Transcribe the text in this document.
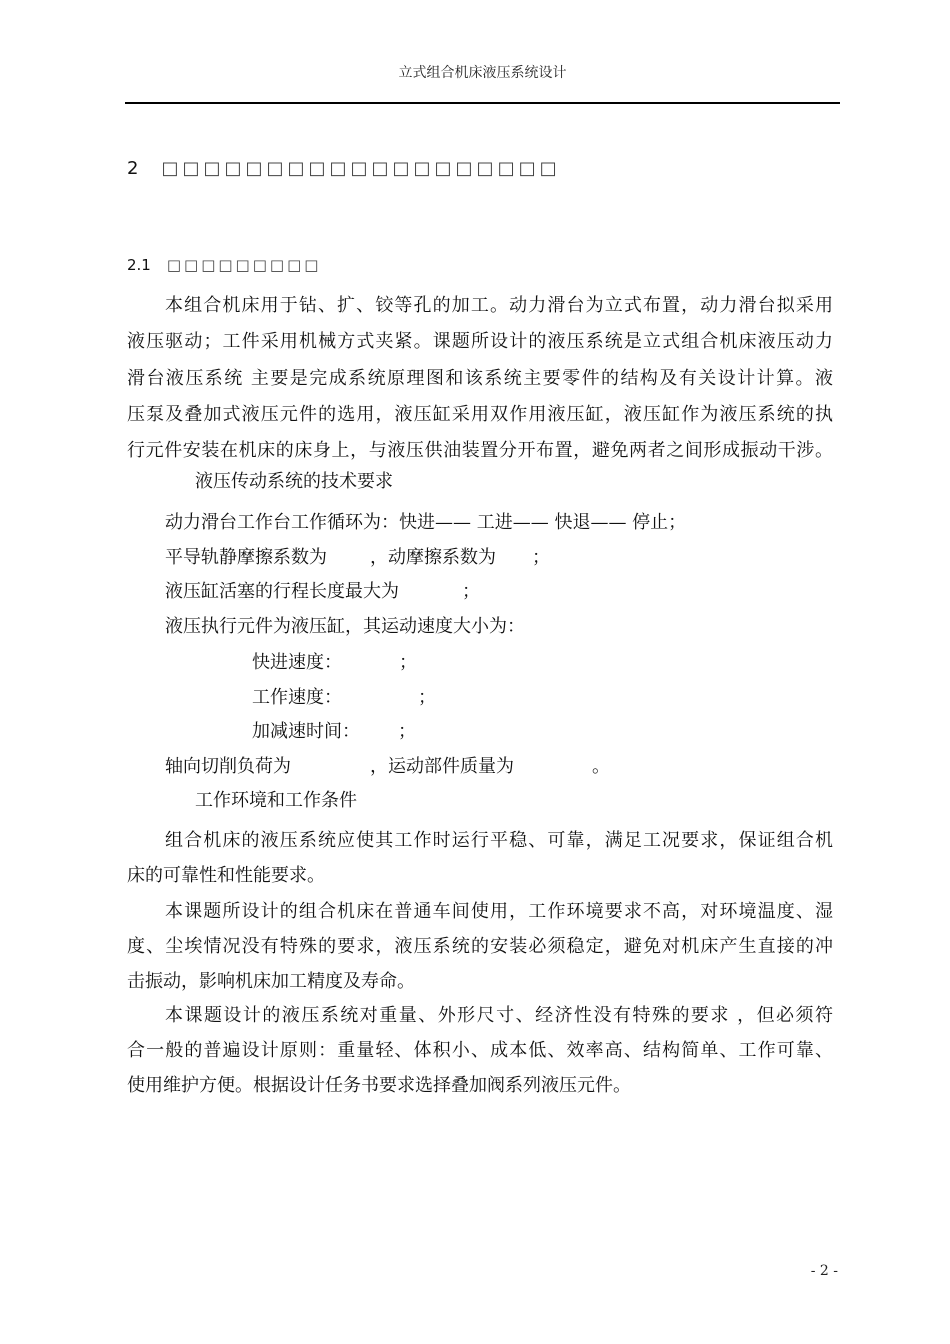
立式组合机床液压系统设计
2 □□□□□□□□□□□□□□□□□□□
2.1 □□□□□□□□□
本组合机床用于钻、扩、铰等孔的加工。动力滑台为立式布置，动力滑台拟采用
液压驱动；工件采用机械方式夹紧。课题所设计的液压系统是立式组合机床液压动力
滑台液压系统 主要是完成系统原理图和该系统主要零件的结构及有关设计计算。液
压泵及叠加式液压元件的选用，液压缸采用双作用液压缸，液压缸作为液压系统的执
行元件安装在机床的床身上，与液压供油装置分开布置，避免两者之间形成振动干涉。
液压传动系统的技术要求
动力滑台工作台工作循环为：快进—— 工进—— 快退—— 停止；
平导轨静摩擦系数为 ，动摩擦系数为 ；
液压缸活塞的行程长度最大为	；
液压执行元件为液压缸，其运动速度大小为：
快进速度：	；
工作速度：	；
加减速时间： ；
轴向切削负荷为	，运动部件质量为	。
工作环境和工作条件
组合机床的液压系统应使其工作时运行平稳、可靠，满足工况要求，保证组合机
床的可靠性和性能要求。
本课题所设计的组合机床在普通车间使用，工作环境要求不高，对环境温度、湿
度、尘埃情况没有特殊的要求，液压系统的安装必须稳定，避免对机床产生直接的冲
击振动，影响机床加工精度及寿命。
本课题设计的液压系统对重量、外形尺寸、经济性没有特殊的要求 ，但必须符
合一般的普遍设计原则：重量轻、体积小、成本低、效率高、结构简单、工作可靠、
使用维护方便。根据设计任务书要求选择叠加阀系列液压元件。
- 2 -
